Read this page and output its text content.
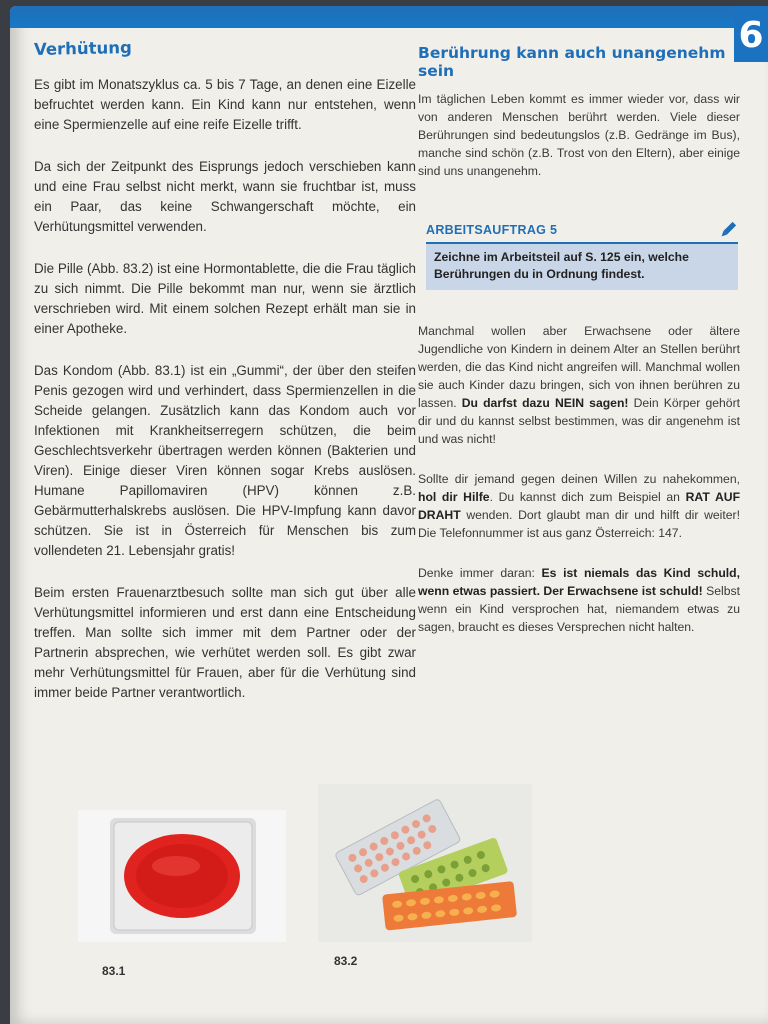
6
Verhütung

Es gibt im Monatszyklus ca. 5 bis 7 Tage, an denen eine Eizelle befruchtet werden kann. Ein Kind kann nur entstehen, wenn eine Spermienzelle auf eine reife Eizelle trifft.

Da sich der Zeitpunkt des Eisprungs jedoch verschieben kann und eine Frau selbst nicht merkt, wann sie fruchtbar ist, muss ein Paar, das keine Schwangerschaft möchte, ein Verhütungsmittel verwenden.

Die Pille (Abb. 83.2) ist eine Hormontablette, die die Frau täglich zu sich nimmt. Die Pille bekommt man nur, wenn sie ärztlich verschrieben wird. Mit einem solchen Rezept erhält man sie in einer Apotheke.

Das Kondom (Abb. 83.1) ist ein „Gummi“, der über den steifen Penis gezogen wird und verhindert, dass Spermienzellen in die Scheide gelangen. Zusätzlich kann das Kondom auch vor Infektionen mit Krankheitserregern schützen, die beim Geschlechtsverkehr übertragen werden können (Bakterien und Viren). Einige dieser Viren können sogar Krebs auslösen. Humane Papillomaviren (HPV) können z.B. Gebärmutterhalskrebs auslösen. Die HPV-Impfung kann davor schützen. Sie ist in Österreich für Menschen bis zum vollendeten 21. Lebensjahr gratis!

Beim ersten Frauenarztbesuch sollte man sich gut über alle Verhütungsmittel informieren und erst dann eine Entscheidung treffen. Man sollte sich immer mit dem Partner oder der Partnerin absprechen, wie verhütet werden soll. Es gibt zwar mehr Verhütungsmittel für Frauen, aber für die Verhütung sind immer beide Partner verantwortlich.

Berührung kann auch unangenehm sein

Im täglichen Leben kommt es immer wieder vor, dass wir von anderen Menschen berührt werden. Viele dieser Berührungen sind bedeutungslos (z.B. Gedränge im Bus), manche sind schön (z.B. Trost von den Eltern), aber einige sind uns unangenehm.

ARBEITSAUFTRAG 5
Zeichne im Arbeitsteil auf S. 125 ein, welche Berührungen du in Ordnung findest.

Manchmal wollen aber Erwachsene oder ältere Jugendliche von Kindern in deinem Alter an Stellen berührt werden, die das Kind nicht angreifen will. Manchmal wollen sie auch Kinder dazu bringen, sich von ihnen berühren zu lassen. Du darfst dazu NEIN sagen! Dein Körper gehört dir und du kannst selbst bestimmen, was dir angenehm ist und was nicht!

Sollte dir jemand gegen deinen Willen zu nahekommen, hol dir Hilfe. Du kannst dich zum Beispiel an RAT AUF DRAHT wenden. Dort glaubt man dir und hilft dir weiter! Die Telefonnummer ist aus ganz Österreich: 147.

Denke immer daran: Es ist niemals das Kind schuld, wenn etwas passiert. Der Erwachsene ist schuld! Selbst wenn ein Kind versprochen hat, niemandem etwas zu sagen, braucht es dieses Versprechen nicht halten.

83.1
83.2
